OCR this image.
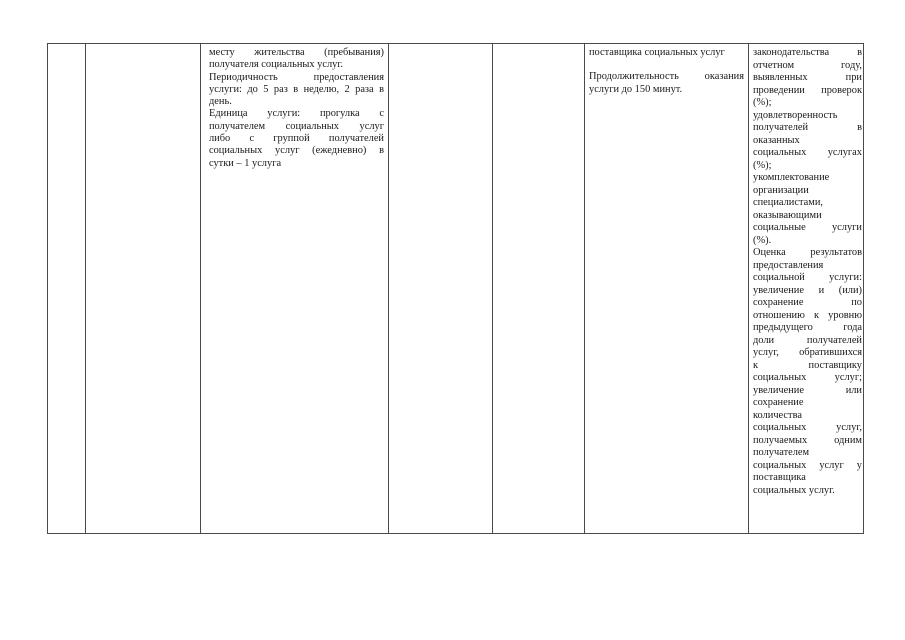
месту жительства (пребывания)

получателя социальных услуг.

Периодичность предоставления

услуги: до 5 раз в неделю, 2 раза в

день.

Единица услуги: прогулка с

получателем социальных услуг

либо с группой получателей

социальных услуг (ежедневно) в

сутки – 1 услуга

поставщика социальных услуг

Продолжительность оказания

услуги до 150 минут.

законодательства в

отчетном году,

выявленных при

проведении проверок

(%);

удовлетворенность

получателей в

оказанных

социальных услугах

(%);

укомплектование

организации

специалистами,

оказывающими

социальные услуги

(%).

Оценка результатов

предоставления

социальной услуги:

увеличение и (или)

сохранение по

отношению к уровню

предыдущего года

доли получателей

услуг, обратившихся

к поставщику

социальных услуг;

увеличение или

сохранение

количества

социальных услуг,

получаемых одним

получателем

социальных услуг у

поставщика

социальных услуг.
